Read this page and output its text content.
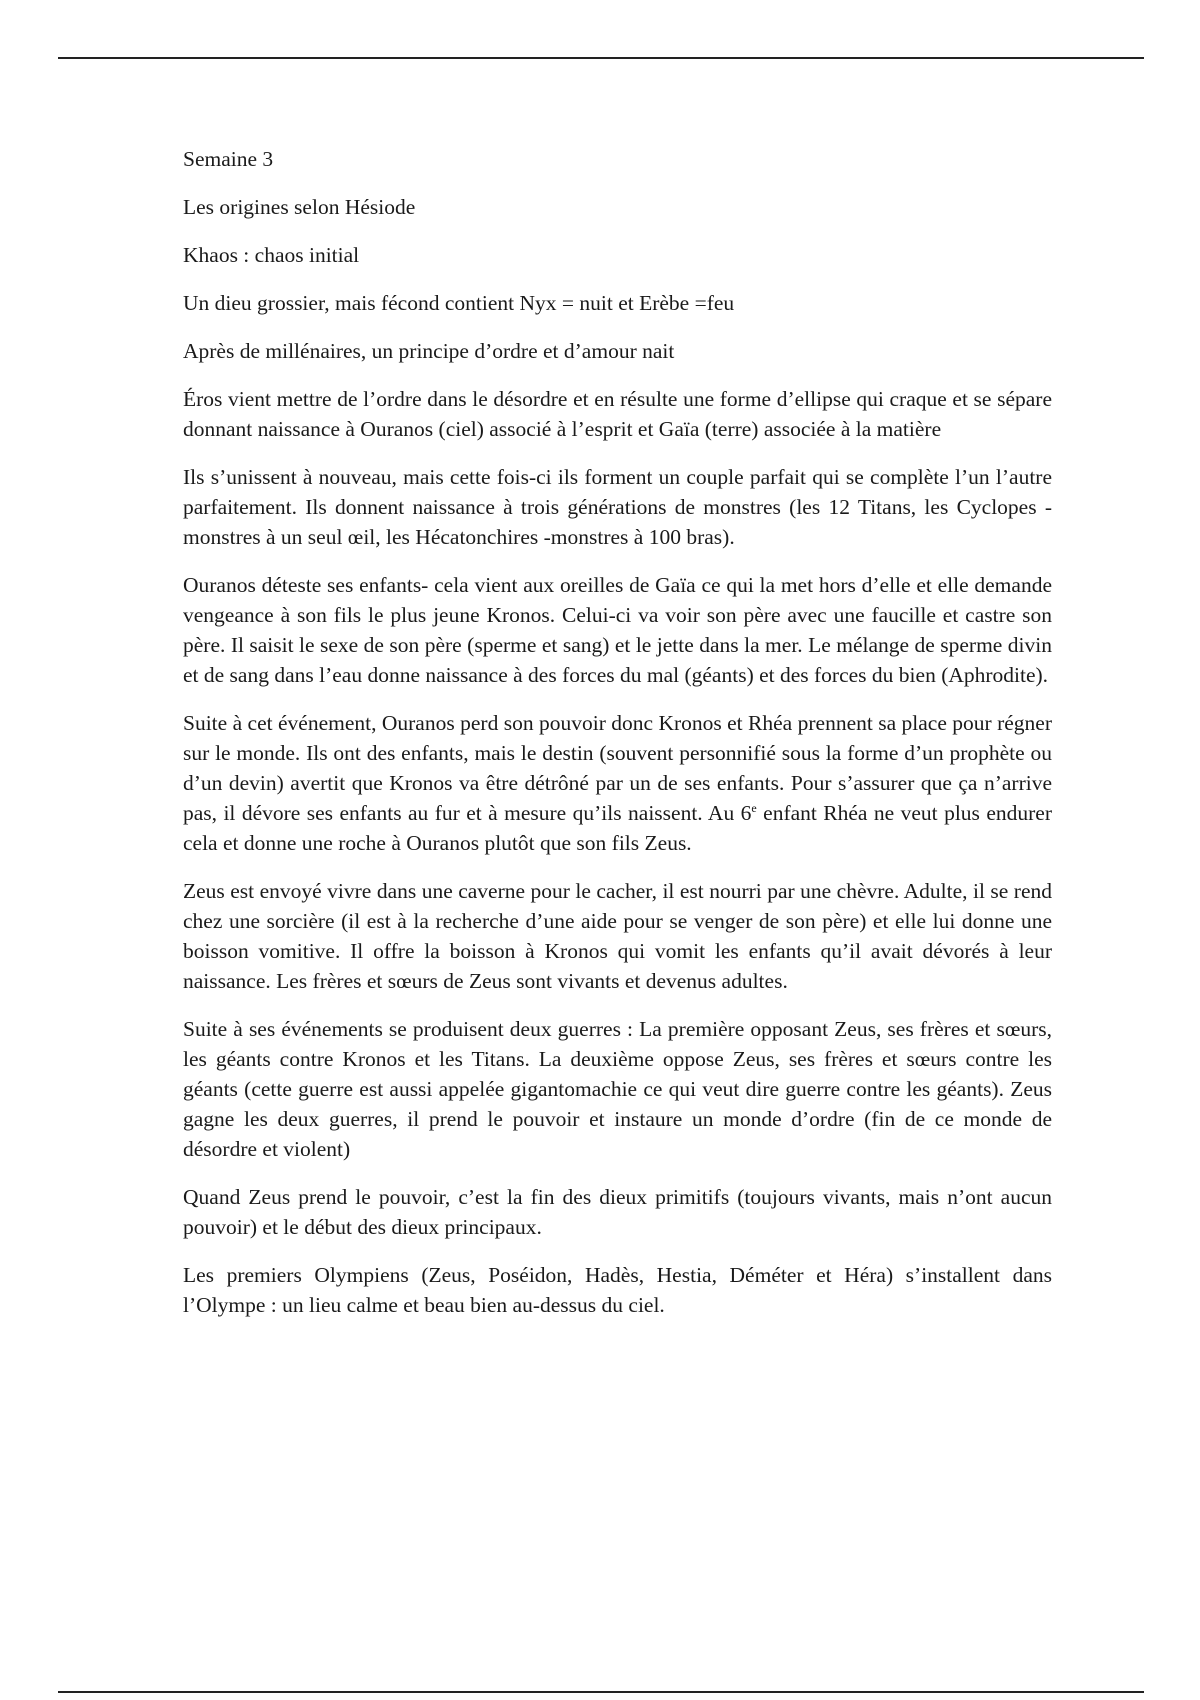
Semaine 3

Les origines selon Hésiode

Khaos : chaos initial

Un dieu grossier, mais fécond contient Nyx = nuit et Erèbe =feu

Après de millénaires, un principe d’ordre et d’amour nait

Éros vient mettre de l’ordre dans le désordre et en résulte une forme d’ellipse qui craque et se sépare donnant naissance à Ouranos (ciel) associé à l’esprit et Gaïa (terre) associée à la matière

Ils s’unissent à nouveau, mais cette fois-ci ils forment un couple parfait qui se complète l’un l’autre parfaitement. Ils donnent naissance à trois générations de monstres (les 12 Titans, les Cyclopes -monstres à un seul œil, les Hécatonchires -monstres à 100 bras).

Ouranos déteste ses enfants- cela vient aux oreilles de Gaïa ce qui la met hors d’elle et elle demande vengeance à son fils le plus jeune Kronos. Celui-ci va voir son père avec une faucille et castre son père. Il saisit le sexe de son père (sperme et sang) et le jette dans la mer. Le mélange de sperme divin et de sang dans l’eau donne naissance à des forces du mal (géants) et des forces du bien (Aphrodite).

Suite à cet événement, Ouranos perd son pouvoir donc Kronos et Rhéa prennent sa place pour régner sur le monde. Ils ont des enfants, mais le destin (souvent personnifié sous la forme d’un prophète ou d’un devin) avertit que Kronos va être détrôné par un de ses enfants. Pour s’assurer que ça n’arrive pas, il dévore ses enfants au fur et à mesure qu’ils naissent. Au 6e enfant Rhéa ne veut plus endurer cela et donne une roche à Ouranos plutôt que son fils Zeus.

Zeus est envoyé vivre dans une caverne pour le cacher, il est nourri par une chèvre. Adulte, il se rend chez une sorcière (il est à la recherche d’une aide pour se venger de son père) et elle lui donne une boisson vomitive. Il offre la boisson à Kronos qui vomit les enfants qu’il avait dévorés à leur naissance. Les frères et sœurs de Zeus sont vivants et devenus adultes.

Suite à ses événements se produisent deux guerres : La première opposant Zeus, ses frères et sœurs, les géants contre Kronos et les Titans. La deuxième oppose Zeus, ses frères et sœurs contre les géants (cette guerre est aussi appelée gigantomachie ce qui veut dire guerre contre les géants). Zeus gagne les deux guerres, il prend le pouvoir et instaure un monde d’ordre (fin de ce monde de désordre et violent)

Quand Zeus prend le pouvoir, c’est la fin des dieux primitifs (toujours vivants, mais n’ont aucun pouvoir) et le début des dieux principaux.

Les premiers Olympiens (Zeus, Poséidon, Hadès, Hestia, Déméter et Héra) s’installent dans l’Olympe : un lieu calme et beau bien au-dessus du ciel.
